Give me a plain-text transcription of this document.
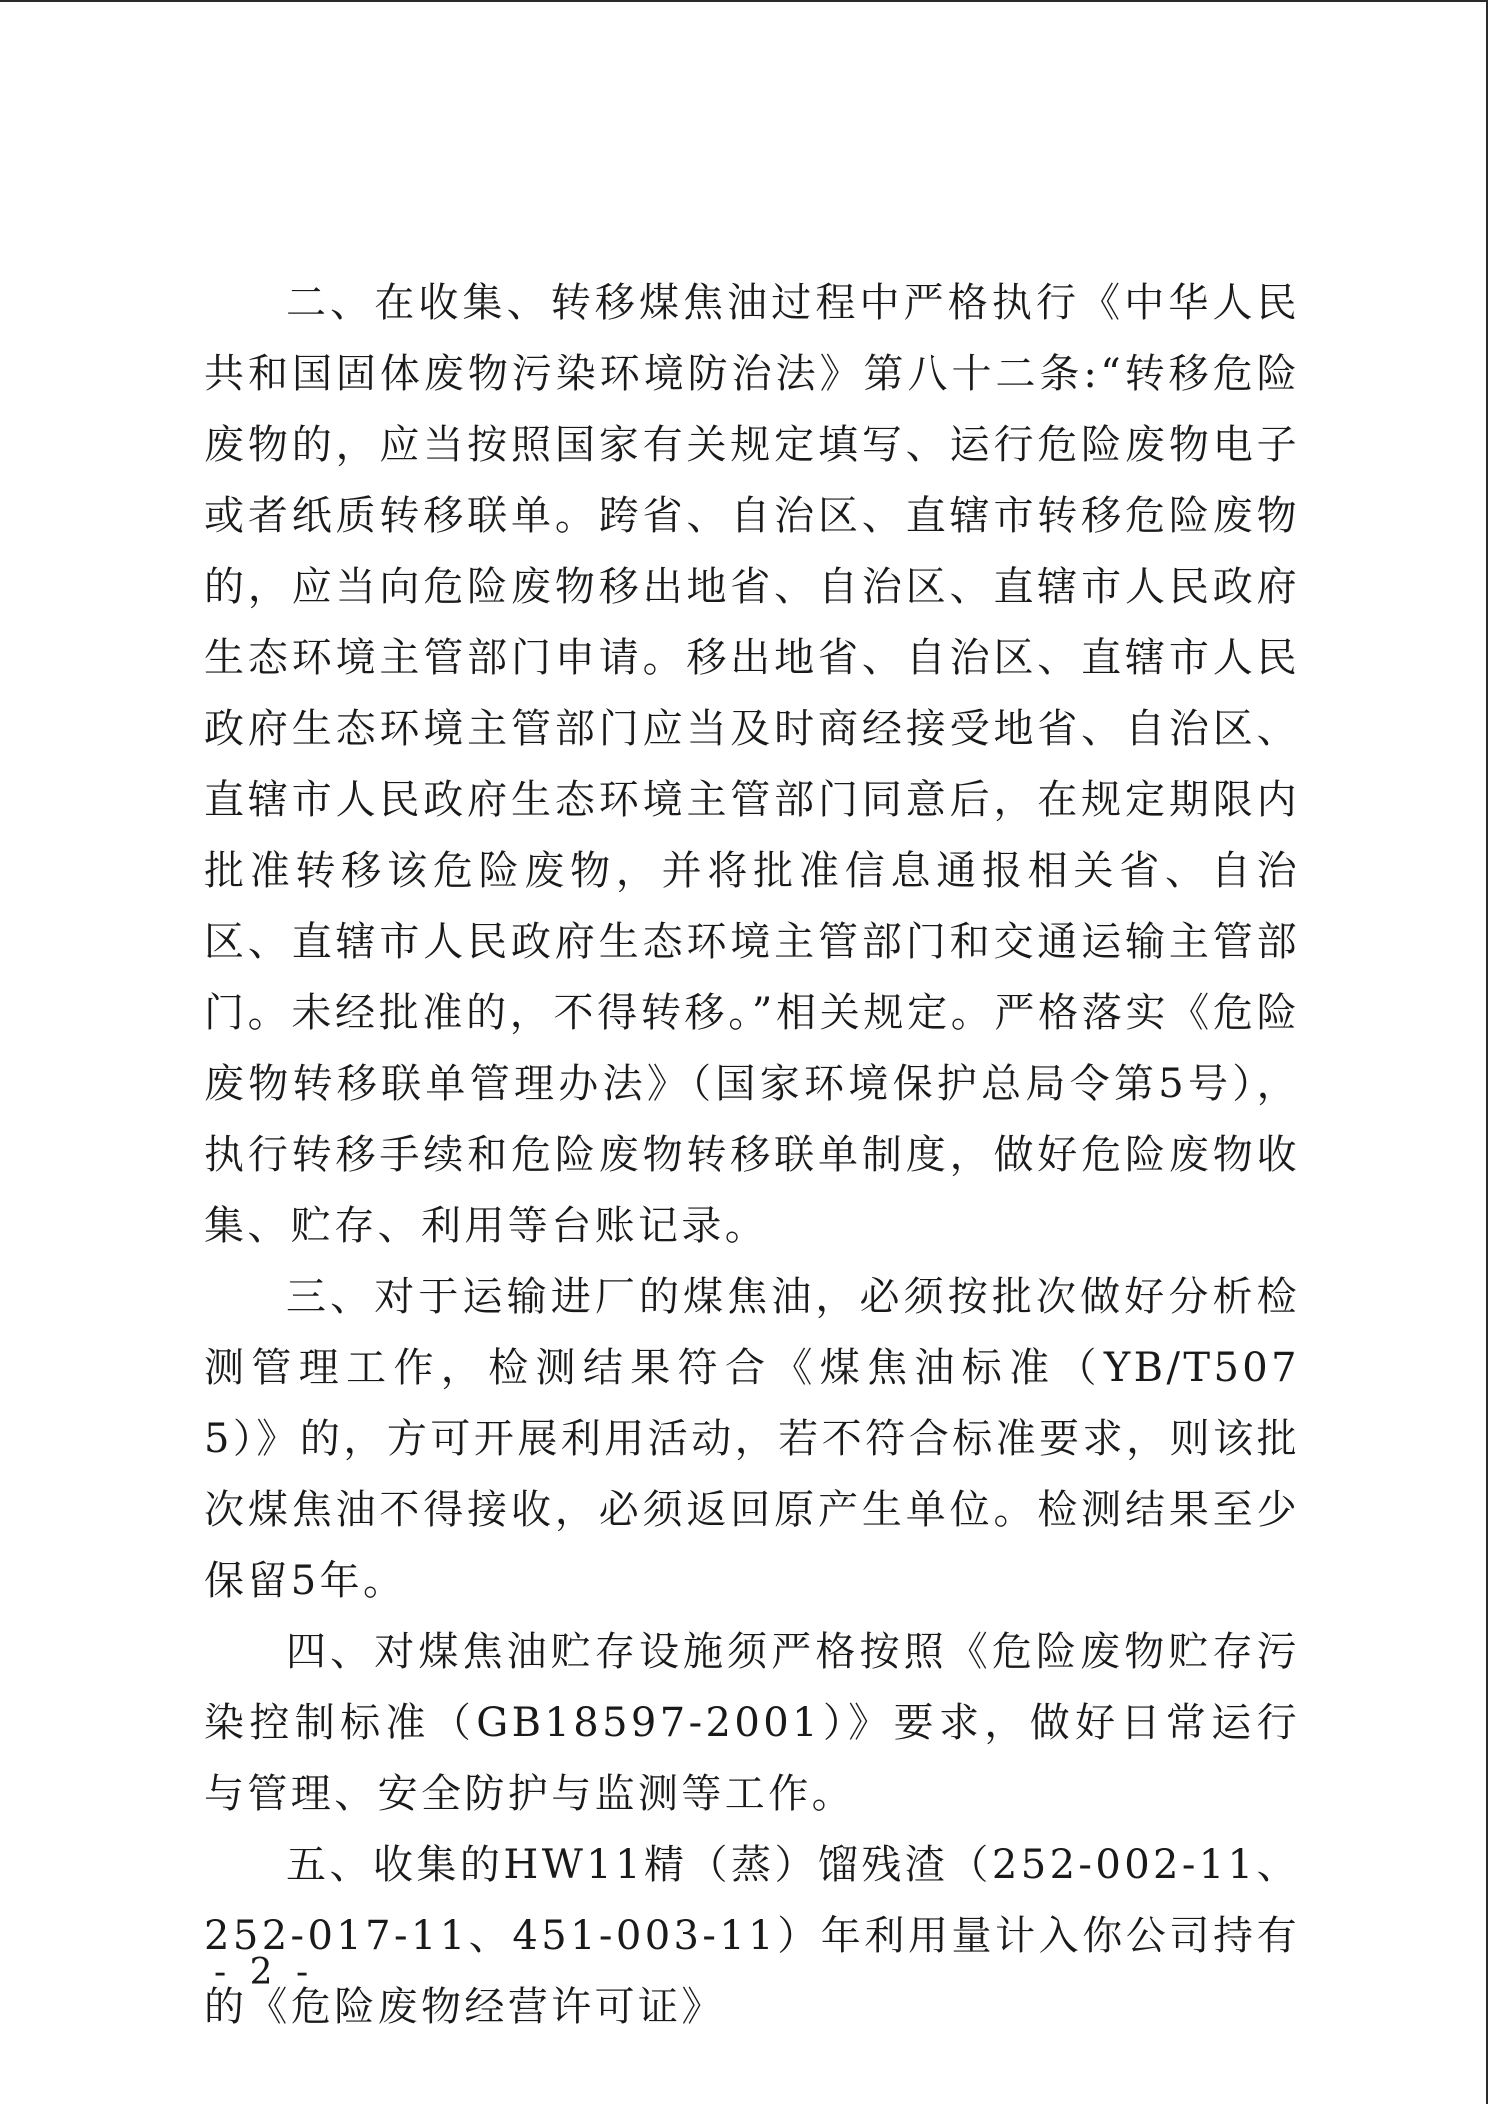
二、在收集、转移煤焦油过程中严格执行《中华人民共和国固体废物污染环境防治法》第八十二条:“转移危险废物的，应当按照国家有关规定填写、运行危险废物电子或者纸质转移联单。跨省、自治区、直辖市转移危险废物的，应当向危险废物移出地省、自治区、直辖市人民政府生态环境主管部门申请。移出地省、自治区、直辖市人民政府生态环境主管部门应当及时商经接受地省、自治区、直辖市人民政府生态环境主管部门同意后，在规定期限内批准转移该危险废物，并将批准信息通报相关省、自治区、直辖市人民政府生态环境主管部门和交通运输主管部门。未经批准的，不得转移。”相关规定。严格落实《危险废物转移联单管理办法》（国家环境保护总局令第5号），执行转移手续和危险废物转移联单制度，做好危险废物收集、贮存、利用等台账记录。

三、对于运输进厂的煤焦油，必须按批次做好分析检测管理工作，检测结果符合《煤焦油标准（YB/T5075）》的，方可开展利用活动，若不符合标准要求，则该批次煤焦油不得接收，必须返回原产生单位。检测结果至少保留5年。

四、对煤焦油贮存设施须严格按照《危险废物贮存污染控制标准（GB18597-2001）》要求，做好日常运行与管理、安全防护与监测等工作。

五、收集的HW11精（蒸）馏残渣（252-002-11、252-017-11、451-003-11）年利用量计入你公司持有的《危险废物经营许可证》

- 2 -
